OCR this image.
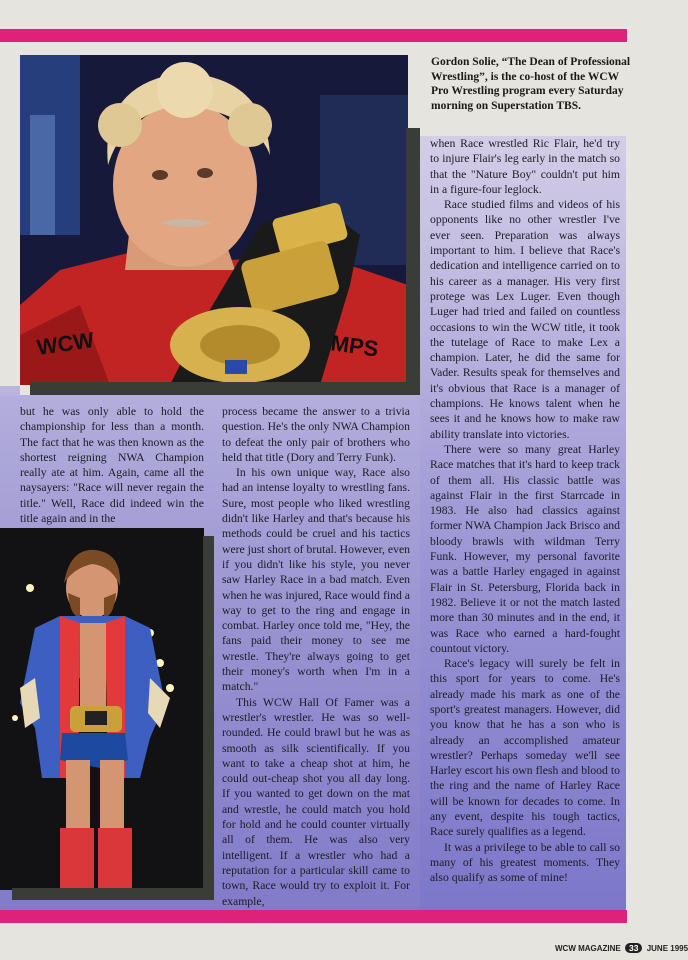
WCW	MPS
Gordon Solie, “The Dean of Professional Wrestling”, is the co-host of the WCW Pro Wrestling program every Saturday morning on Superstation TBS.

but he was only able to hold the championship for less than a month. The fact that he was then known as the shortest reigning NWA Champion really ate at him. Again, came all the naysayers: "Race will never regain the title." Well, Race did indeed win the title again and in the

process became the answer to a trivia question. He's the only NWA Champion to defeat the only pair of brothers who held that title (Dory and Terry Funk).

In his own unique way, Race also had an intense loyalty to wrestling fans. Sure, most people who liked wrestling didn't like Harley and that's because his methods could be cruel and his tactics were just short of brutal. However, even if you didn't like his style, you never saw Harley Race in a bad match. Even when he was injured, Race would find a way to get to the ring and engage in combat. Harley once told me, "Hey, the fans paid their money to see me wrestle. They're always going to get their money's worth when I'm in a match."

This WCW Hall Of Famer was a wrestler's wrestler. He was so well-rounded. He could brawl but he was as smooth as silk scientifically. If you want to take a cheap shot at him, he could out-cheap shot you all day long. If you wanted to get down on the mat and wrestle, he could match you hold for hold and he could counter virtually all of them. He was also very intelligent. If a wrestler who had a reputation for a particular skill came to town, Race would try to exploit it. For example,

when Race wrestled Ric Flair, he'd try to injure Flair's leg early in the match so that the "Nature Boy" couldn't put him in a figure-four leglock.

Race studied films and videos of his opponents like no other wrestler I've ever seen. Preparation was always important to him. I believe that Race's dedication and intelligence carried on to his career as a manager. His very first protege was Lex Luger. Even though Luger had tried and failed on countless occasions to win the WCW title, it took the tutelage of Race to make Lex a champion. Later, he did the same for Vader. Results speak for themselves and it's obvious that Race is a manager of champions. He knows talent when he sees it and he knows how to make raw ability translate into victories.

There were so many great Harley Race matches that it's hard to keep track of them all. His classic battle was against Flair in the first Starrcade in 1983. He also had classics against former NWA Champion Jack Brisco and bloody brawls with wildman Terry Funk. However, my personal favorite was a battle Harley engaged in against Flair in St. Petersburg, Florida back in 1982. Believe it or not the match lasted more than 30 minutes and in the end, it was Race who earned a hard-fought countout victory.

Race's legacy will surely be felt in this sport for years to come. He's already made his mark as one of the sport's greatest managers. However, did you know that he has a son who is already an accomplished amateur wrestler? Perhaps someday we'll see Harley escort his own flesh and blood to the ring and the name of Harley Race will be known for decades to come. In any event, despite his tough tactics, Race surely qualifies as a legend.

It was a privilege to be able to call so many of his greatest moments. They also qualify as some of mine!

WCW MAGAZINE 33 JUNE 1995
